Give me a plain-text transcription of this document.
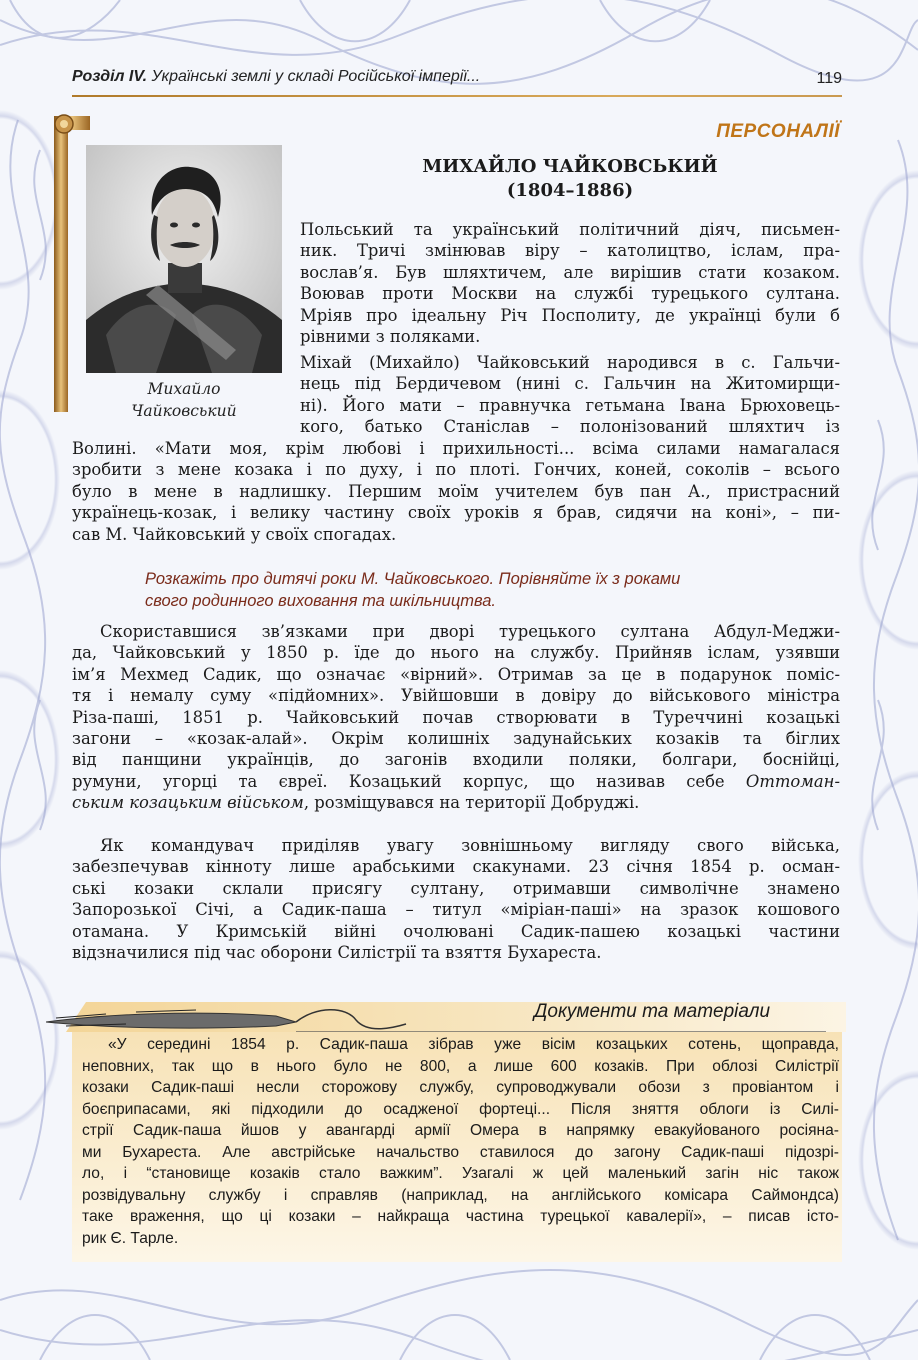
Розділ IV. Українські землі у складі Російської імперії...	119
ПЕРСОНАЛІЇ
Михайло
Чайковський
МИХАЙЛО ЧАЙКОВСЬКИЙ
(1804–1886)
Польський та український політичний діяч, письмен-
ник. Тричі змінював віру – католицтво, іслам, пра-
вослав’я. Був шляхтичем, але вирішив стати козаком.
Воював проти Москви на службі турецького султана.
Мріяв про ідеальну Річ Посполиту, де українці були б
рівними з поляками.
Міхай (Михайло) Чайковський народився в с. Гальчи-
нець під Бердичевом (нині с. Гальчин на Житомирщи-
ні). Його мати – правнучка гетьмана Івана Брюховець-
кого, батько Станіслав – полонізований шляхтич із
Волині. «Мати моя, крім любові і прихильності... всіма силами намагалася
зробити з мене козака і по духу, і по плоті. Гончих, коней, соколів – всього
було в мене в надлишку. Першим моїм учителем був пан А., пристрасний
українець-козак, і велику частину своїх уроків я брав, сидячи на коні», – пи-
сав М. Чайковський у своїх спогадах.
Розкажіть про дитячі роки М. Чайковського. Порівняйте їх з роками
свого родинного виховання та шкільництва.
Скориставшися зв’язками при дворі турецького султана Абдул-Меджи-
да, Чайковський у 1850 р. їде до нього на службу. Прийняв іслам, узявши
ім’я Мехмед Садик, що означає «вірний». Отримав за це в подарунок поміс-
тя і немалу суму «підйомних». Увійшовши в довіру до військового міністра
Різа-паші, 1851 р. Чайковський почав створювати в Туреччині козацькі
загони – «козак-алай». Окрім колишніх задунайських козаків та біглих
від панщини українців, до загонів входили поляки, болгари, боснійці,
румуни, угорці та євреї. Козацький корпус, що називав себе Оттоман-
ським козацьким військом, розміщувався на території Добруджі.
Як командувач приділяв увагу зовнішньому вигляду свого війська,
забезпечував кінноту лише арабськими скакунами. 23 січня 1854 р. осман-
ські козаки склали присягу султану, отримавши символічне знамено
Запорозької Січі, а Садик-паша – титул «міріан-паші» на зразок кошового
отамана. У Кримській війні очолювані Садик-пашею козацькі частини
відзначилися під час оборони Силістрії та взяття Бухареста.
Документи та матеріали
«У середині 1854 р. Садик-паша зібрав уже вісім козацьких сотень, щоправда,
неповних, так що в нього було не 800, а лише 600 козаків. При облозі Силістрії
козаки Садик-паші несли сторожову службу, супроводжували обози з провіантом і
боєприпасами, які підходили до осадженої фортеці... Після зняття облоги із Силі-
стрії Садик-паша йшов у авангарді армії Омера в напрямку евакуйованого росіяна-
ми Бухареста. Але австрійське начальство ставилося до загону Садик-паші підозрі-
ло, і “становище козаків стало важким”. Узагалі ж цей маленький загін ніс також
розвідувальну службу і справляв (наприклад, на англійського комісара Саймондса)
таке враження, що ці козаки – найкраща частина турецької кавалерії», – писав істо-
рик Є. Тарле.
